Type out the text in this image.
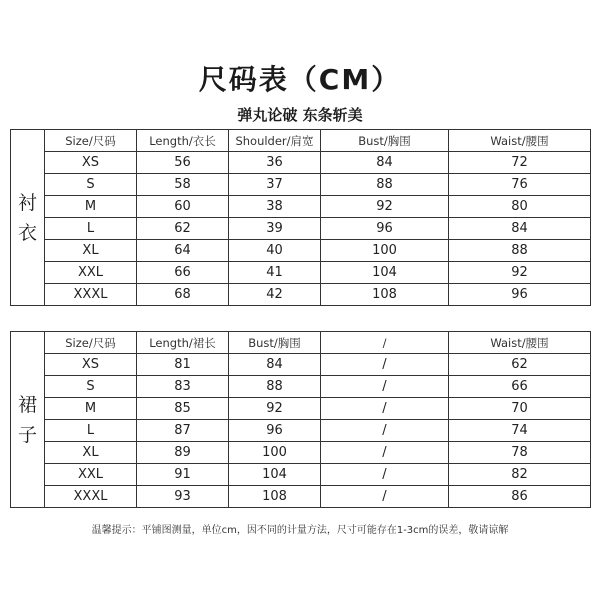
尺码表（CM）
弹丸论破 东条斩美
衬
衣	Size/尺码	Length/衣长	Shoulder/肩宽	Bust/胸围	Waist/腰围	
	XS	56	36	84	72	
	S	58	37	88	76	
	M	60	38	92	80	
	L	62	39	96	84	
	XL	64	40	100	88	
	XXL	66	41	104	92	
	XXXL	68	42	108	96	
裙
子	Size/尺码	Length/裙长	Bust/胸围	/	Waist/腰围	
	XS	81	84	/	62	
	S	83	88	/	66	
	M	85	92	/	70	
	L	87	96	/	74	
	XL	89	100	/	78	
	XXL	91	104	/	82	
	XXXL	93	108	/	86	
温馨提示：平铺图测量，单位cm，因不同的计量方法，尺寸可能存在1-3cm的误差，敬请谅解
